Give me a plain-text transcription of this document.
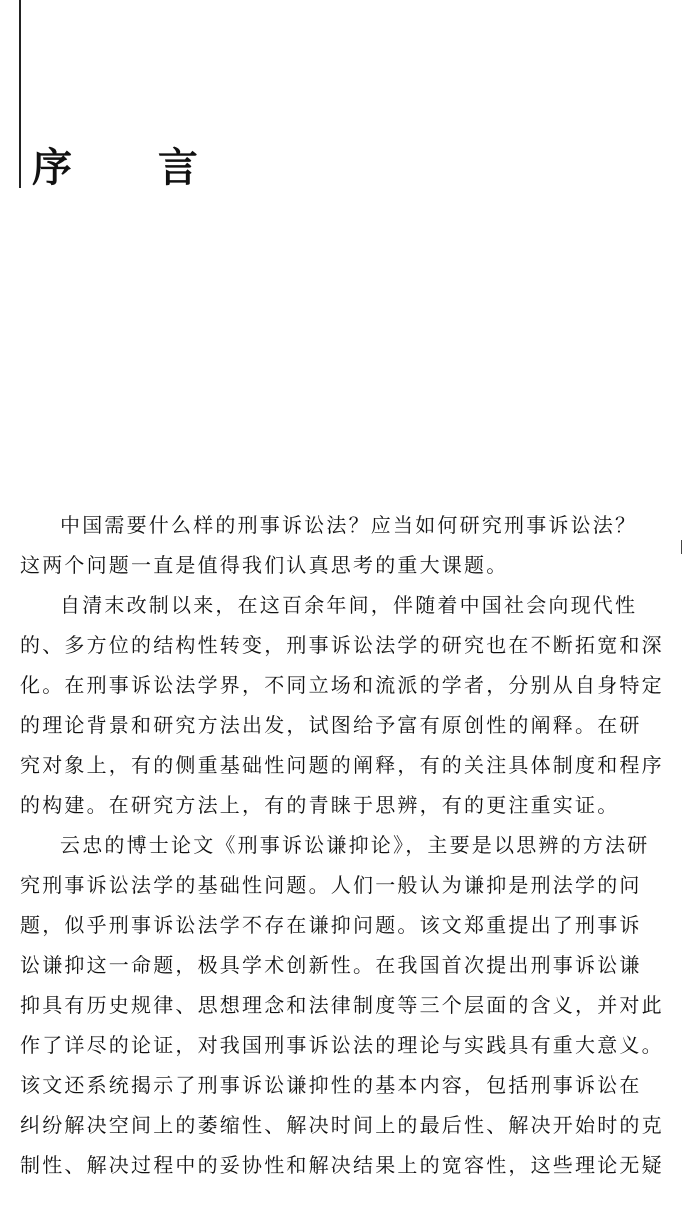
序 言
中国需要什么样的刑事诉讼法？应当如何研究刑事诉讼法？
这两个问题一直是值得我们认真思考的重大课题。
自清末改制以来，在这百余年间，伴随着中国社会向现代性
的、多方位的结构性转变，刑事诉讼法学的研究也在不断拓宽和深
化。在刑事诉讼法学界，不同立场和流派的学者，分别从自身特定
的理论背景和研究方法出发，试图给予富有原创性的阐释。在研
究对象上，有的侧重基础性问题的阐释，有的关注具体制度和程序
的构建。在研究方法上，有的青睐于思辨，有的更注重实证。
云忠的博士论文《刑事诉讼谦抑论》，主要是以思辨的方法研
究刑事诉讼法学的基础性问题。人们一般认为谦抑是刑法学的问
题，似乎刑事诉讼法学不存在谦抑问题。该文郑重提出了刑事诉
讼谦抑这一命题，极具学术创新性。在我国首次提出刑事诉讼谦
抑具有历史规律、思想理念和法律制度等三个层面的含义，并对此
作了详尽的论证，对我国刑事诉讼法的理论与实践具有重大意义。
该文还系统揭示了刑事诉讼谦抑性的基本内容，包括刑事诉讼在
纠纷解决空间上的萎缩性、解决时间上的最后性、解决开始时的克
制性、解决过程中的妥协性和解决结果上的宽容性，这些理论无疑
